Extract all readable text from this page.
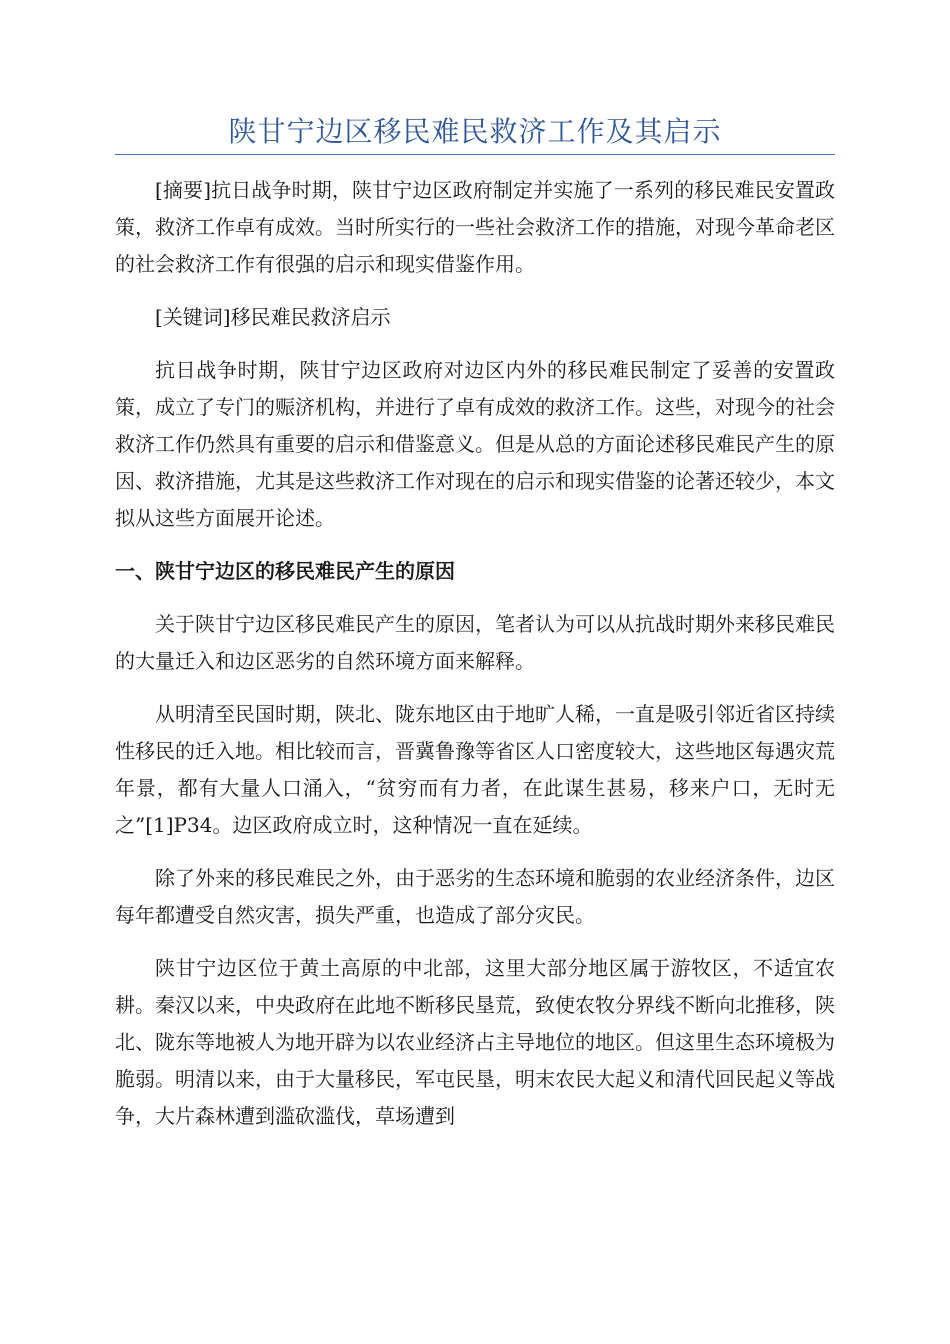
陕甘宁边区移民难民救济工作及其启示

[摘要]抗日战争时期，陕甘宁边区政府制定并实施了一系列的移民难民安置政策，救济工作卓有成效。当时所实行的一些社会救济工作的措施，对现今革命老区的社会救济工作有很强的启示和现实借鉴作用。

[关键词]移民难民救济启示

抗日战争时期，陕甘宁边区政府对边区内外的移民难民制定了妥善的安置政策，成立了专门的赈济机构，并进行了卓有成效的救济工作。这些，对现今的社会救济工作仍然具有重要的启示和借鉴意义。但是从总的方面论述移民难民产生的原因、救济措施，尤其是这些救济工作对现在的启示和现实借鉴的论著还较少，本文拟从这些方面展开论述。

一、陕甘宁边区的移民难民产生的原因

关于陕甘宁边区移民难民产生的原因，笔者认为可以从抗战时期外来移民难民的大量迁入和边区恶劣的自然环境方面来解释。

从明清至民国时期，陕北、陇东地区由于地旷人稀，一直是吸引邻近省区持续性移民的迁入地。相比较而言，晋冀鲁豫等省区人口密度较大，这些地区每遇灾荒年景，都有大量人口涌入，“贫穷而有力者，在此谋生甚易，移来户口，无时无之”[1]P34。边区政府成立时，这种情况一直在延续。

除了外来的移民难民之外，由于恶劣的生态环境和脆弱的农业经济条件，边区每年都遭受自然灾害，损失严重，也造成了部分灾民。

陕甘宁边区位于黄土高原的中北部，这里大部分地区属于游牧区，不适宜农耕。秦汉以来，中央政府在此地不断移民垦荒，致使农牧分界线不断向北推移，陕北、陇东等地被人为地开辟为以农业经济占主导地位的地区。但这里生态环境极为脆弱。明清以来，由于大量移民，军屯民垦，明末农民大起义和清代回民起义等战争，大片森林遭到滥砍滥伐，草场遭到
